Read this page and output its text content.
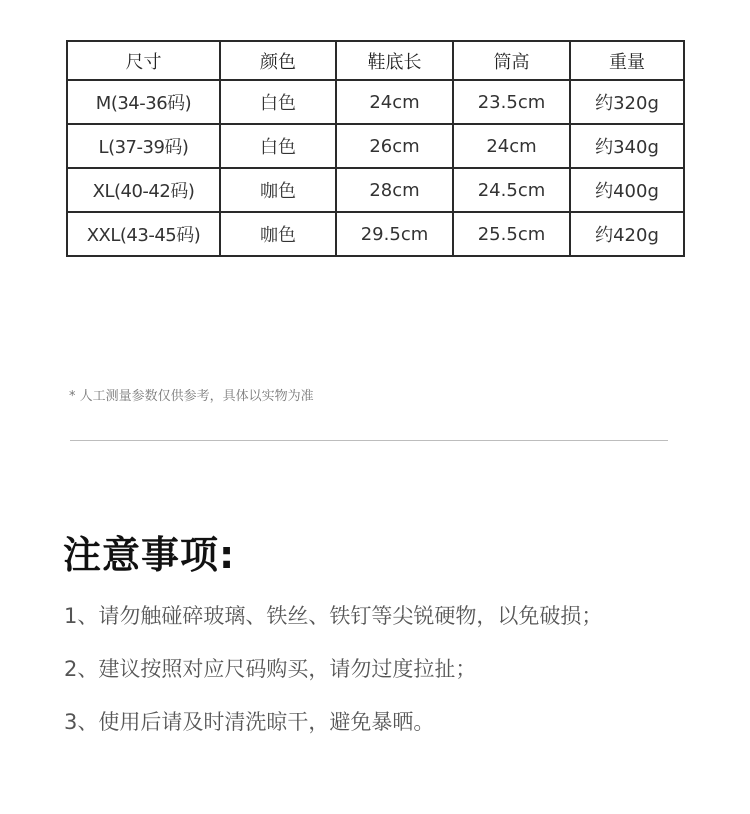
尺寸	颜色	鞋底长	筒高	重量
M(34-36码)	白色	24cm	23.5cm	约320g
L(37-39码)	白色	26cm	24cm	约340g
XL(40-42码)	咖色	28cm	24.5cm	约400g
XXL(43-45码)	咖色	29.5cm	25.5cm	约420g
* 人工测量参数仅供参考，具体以实物为准
注意事项:
1、请勿触碰碎玻璃、铁丝、铁钉等尖锐硬物，以免破损；
2、建议按照对应尺码购买，请勿过度拉扯；
3、使用后请及时清洗晾干，避免暴晒。
